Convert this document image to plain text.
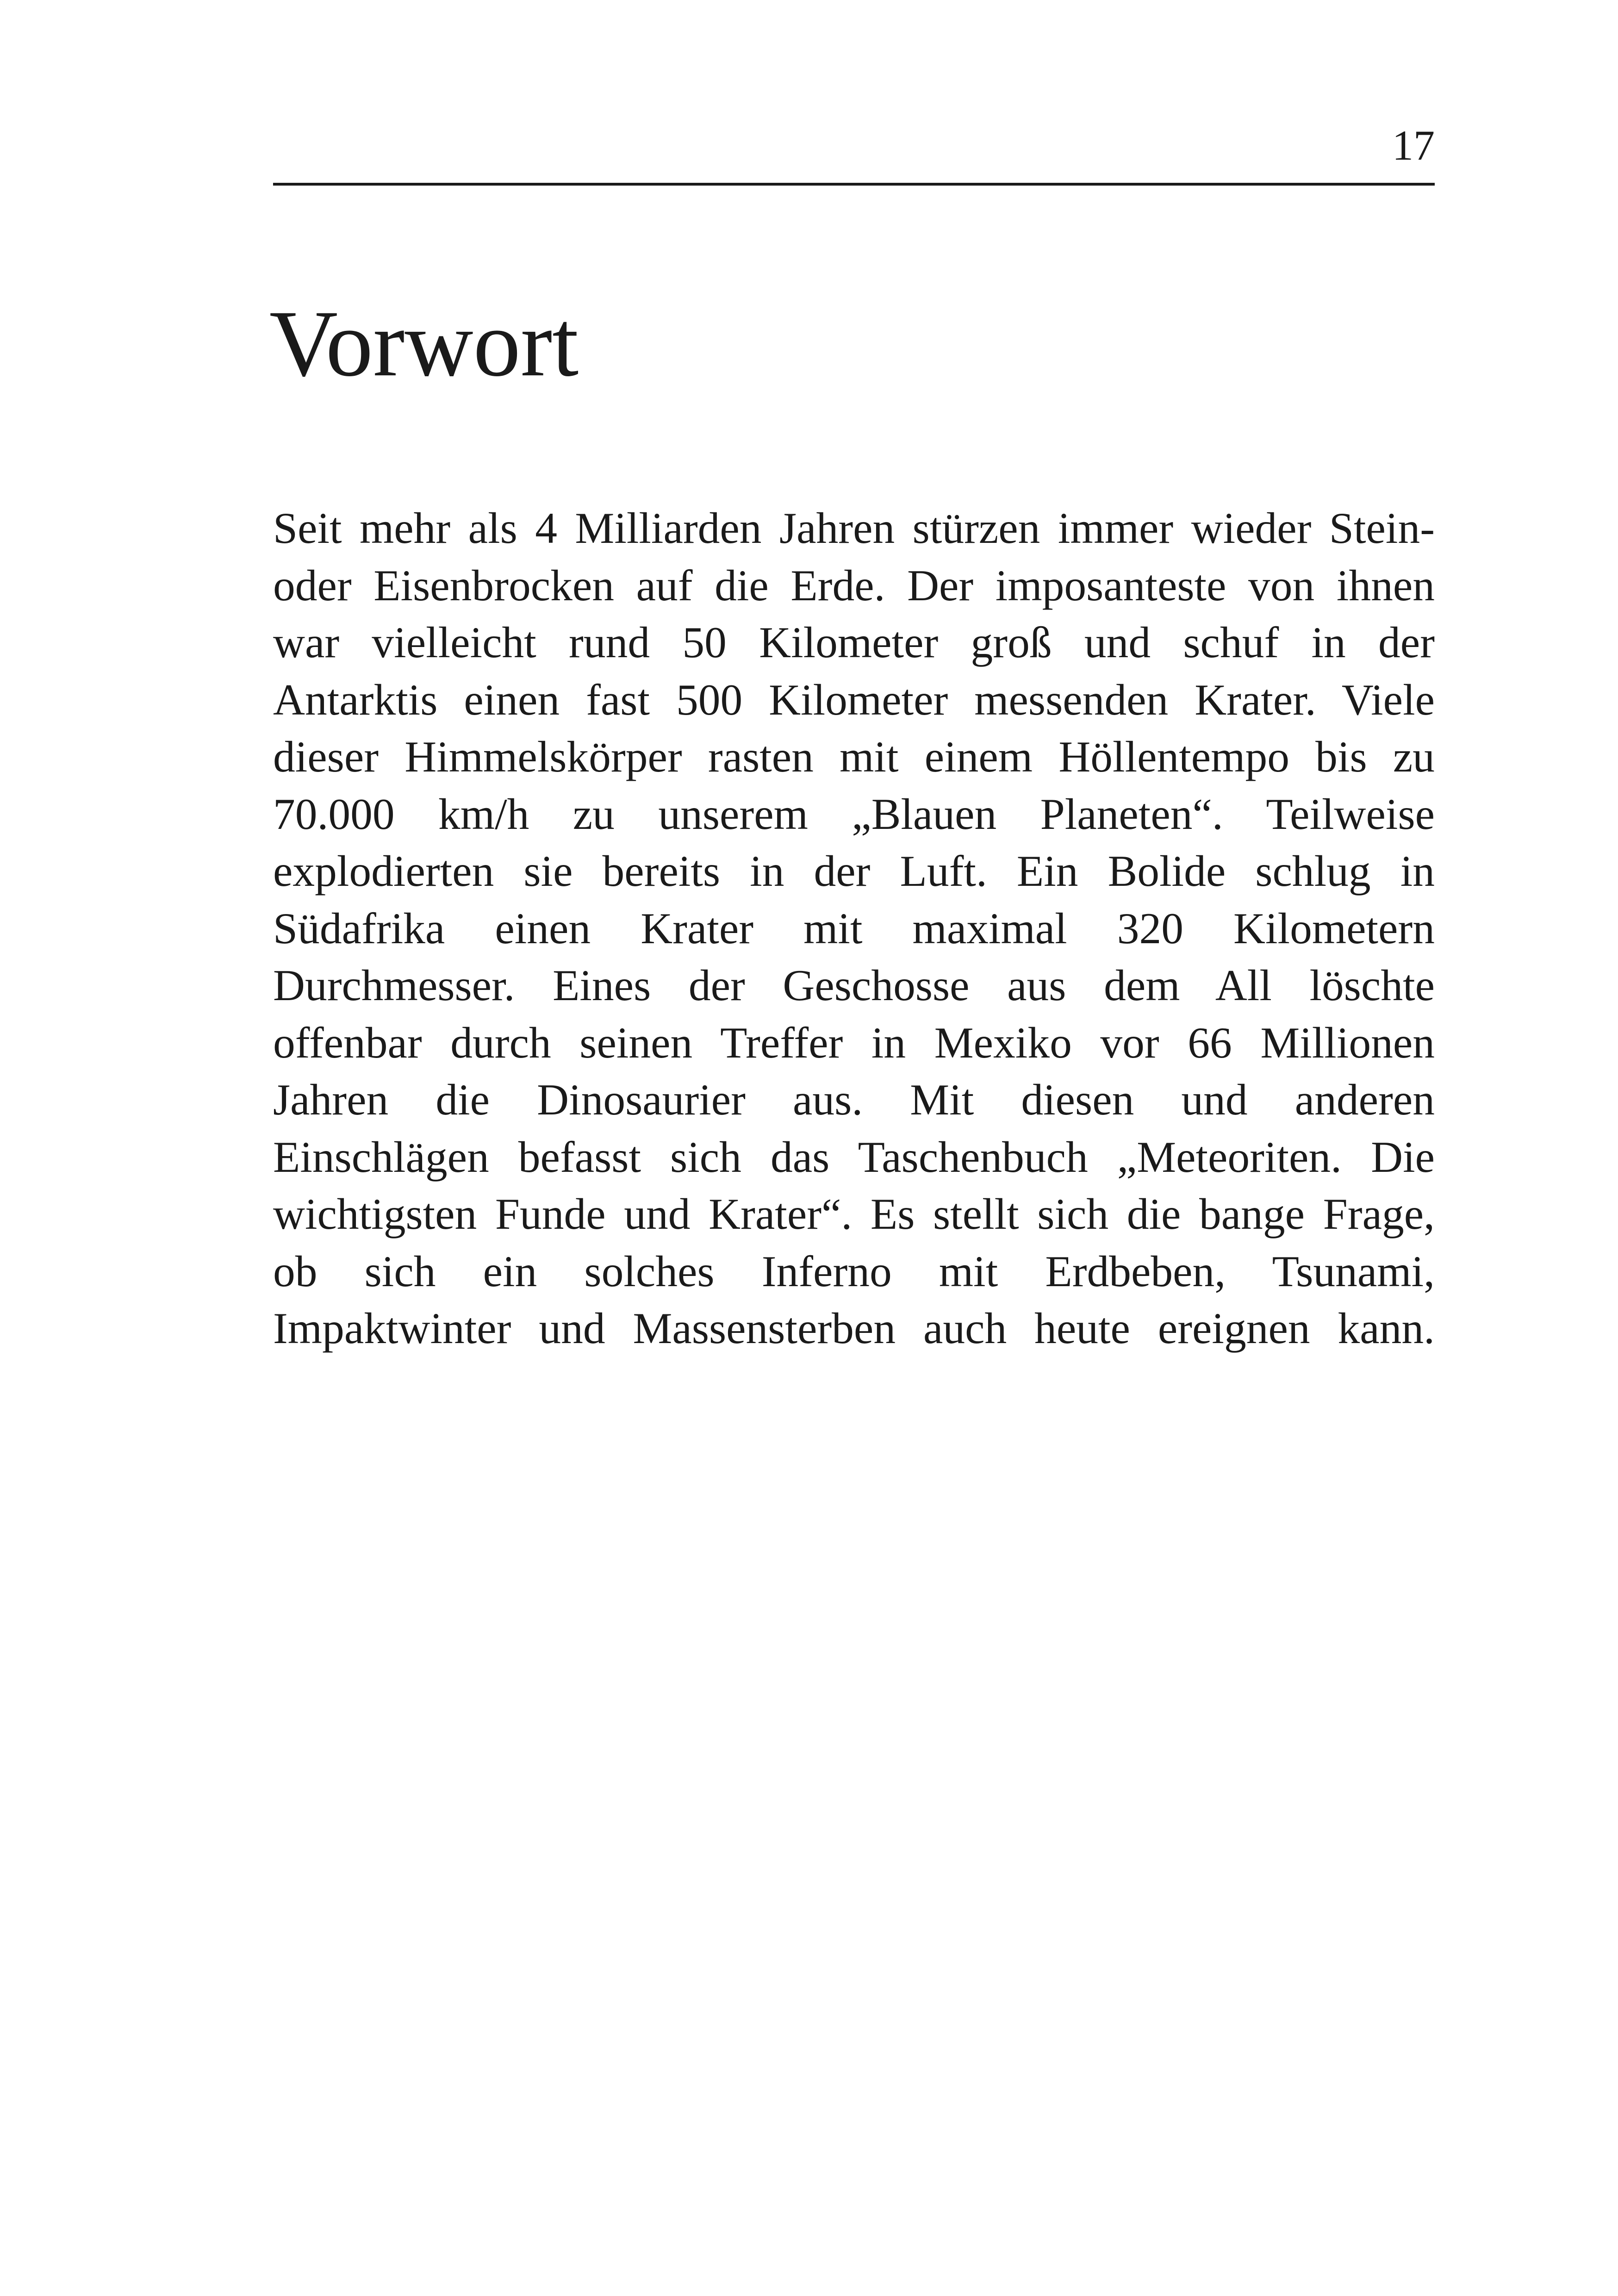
17
Vorwort
Seit mehr als 4 Milliarden Jahren stürzen immer wieder Stein-
oder Eisenbrocken auf die Erde. Der imposanteste von ihnen
war vielleicht rund 50 Kilometer groß und schuf in der
Antarktis einen fast 500 Kilometer messenden Krater. Viele
dieser Himmelskörper rasten mit einem Höllentempo bis zu
70.000 km/h zu unserem „Blauen Planeten“. Teilweise
explodierten sie bereits in der Luft. Ein Bolide schlug in
Südafrika einen Krater mit maximal 320 Kilometern
Durchmesser. Eines der Geschosse aus dem All löschte
offenbar durch seinen Treffer in Mexiko vor 66 Millionen
Jahren die Dinosaurier aus. Mit diesen und anderen
Einschlägen befasst sich das Taschenbuch „Meteoriten. Die
wichtigsten Funde und Krater“. Es stellt sich die bange Frage,
ob sich ein solches Inferno mit Erdbeben, Tsunami,
Impaktwinter und Massensterben auch heute ereignen kann.
